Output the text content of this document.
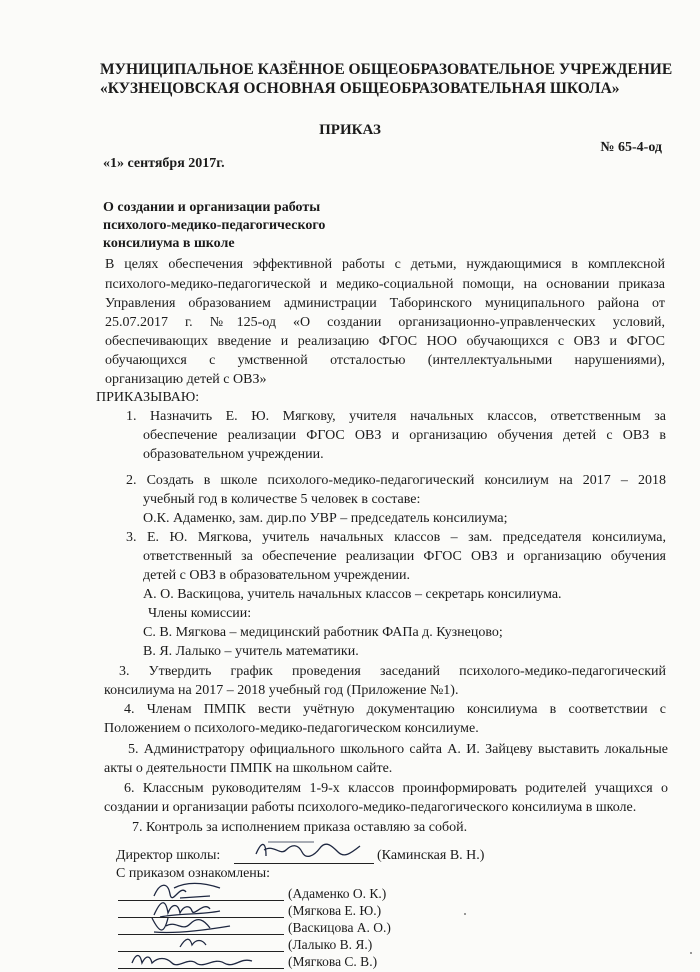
МУНИЦИПАЛЬНОЕ КАЗЁННОЕ ОБЩЕОБРАЗОВАТЕЛЬНОЕ УЧРЕЖДЕНИЕ
«КУЗНЕЦОВСКАЯ ОСНОВНАЯ ОБЩЕОБРАЗОВАТЕЛЬНАЯ ШКОЛА»
ПРИКАЗ
№ 65-4-од
«1» сентября 2017г.
О создании и организации работы
психолого-медико-педагогического
консилиума в школе
В целях обеспечения эффективной работы с детьми, нуждающимися в комплексной
психолого-медико-педагогической и медико-социальной помощи, на основании приказа
Управления образованием администрации Таборинского муниципального района от
25.07.2017 г. №125-од «О создании организационно-управленческих условий,
обеспечивающих введение и реализацию ФГОС НОО обучающихся с ОВЗ и ФГОС
обучающихся с умственной отсталостью (интеллектуальными нарушениями),
организацию детей с ОВЗ»
ПРИКАЗЫВАЮ:
1. Назначить Е. Ю. Мягкову, учителя начальных классов, ответственным за
обеспечение реализации ФГОС ОВЗ и организацию обучения детей с ОВЗ в
образовательном учреждении.
2. Создать в школе психолого-медико-педагогический консилиум на 2017 – 2018
учебный год в количестве 5 человек в составе:
О.К. Адаменко, зам. дир.по УВР – председатель консилиума;
3. Е. Ю. Мягкова, учитель начальных классов – зам. председателя консилиума,
ответственный за обеспечение реализации ФГОС ОВЗ и организацию обучения
детей с ОВЗ в образовательном учреждении.
А. О. Васкицова, учитель начальных классов – секретарь консилиума.
Члены комиссии:
С. В. Мягкова – медицинский работник ФАПа д. Кузнецово;
В. Я. Лалыко – учитель математики.
3. Утвердить график проведения заседаний психолого-медико-педагогический
консилиума на 2017 – 2018 учебный год (Приложение №1).
4. Членам ПМПК вести учётную документацию консилиума в соответствии с
Положением о психолого-медико-педагогическом консилиуме.
5. Администратору официального школьного сайта А. И. Зайцеву выставить локальные
акты о деятельности ПМПК на школьном сайте.
6. Классным руководителям 1-9-х классов проинформировать родителей учащихся о
создании и организации работы психолого-медико-педагогического консилиума в школе.
7. Контроль за исполнением приказа оставляю за собой.
Директор школы:	(Каминская В. Н.)
С приказом ознакомлены:
(Адаменко О. К.)
(Мягкова Е. Ю.)
(Васкицова А. О.)
(Лалыко В. Я.)
(Мягкова С. В.)
